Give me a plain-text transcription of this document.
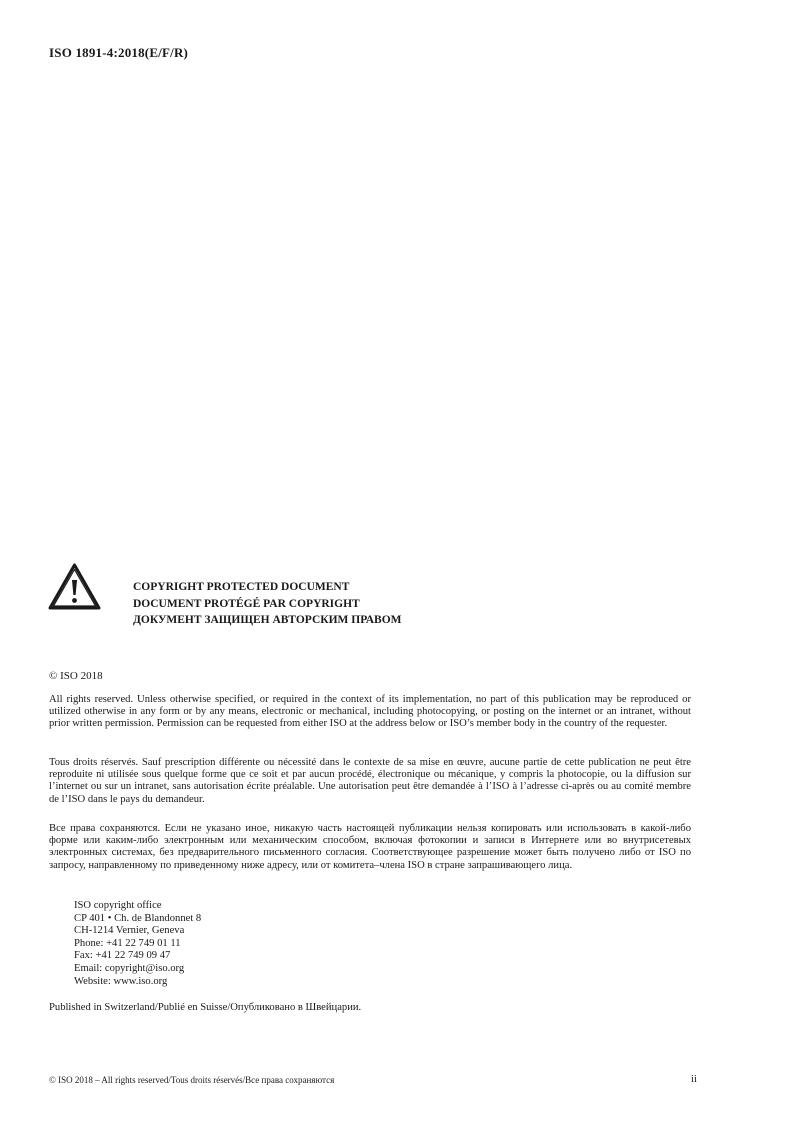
ISO 1891-4:2018(E/F/R)
COPYRIGHT PROTECTED DOCUMENT
DOCUMENT PROTÉGÉ PAR COPYRIGHT
ДОКУМЕНТ ЗАЩИЩЕН АВТОРСКИМ ПРАВОМ
© ISO 2018
All rights reserved. Unless otherwise specified, or required in the context of its implementation, no part of this publication may be reproduced or utilized otherwise in any form or by any means, electronic or mechanical, including photocopying, or posting on the internet or an intranet, without prior written permission. Permission can be requested from either ISO at the address below or ISO’s member body in the country of the requester.
Tous droits réservés. Sauf prescription différente ou nécessité dans le contexte de sa mise en œuvre, aucune partie de cette publication ne peut être reproduite ni utilisée sous quelque forme que ce soit et par aucun procédé, électronique ou mécanique, y compris la photocopie, ou la diffusion sur l’internet ou sur un intranet, sans autorisation écrite préalable. Une autorisation peut être demandée à l’ISO à l’adresse ci-après ou au comité membre de l’ISO dans le pays du demandeur.
Все права сохраняются. Если не указано иное, никакую часть настоящей публикации нельзя копировать или использовать в какой-либо форме или каким-либо электронным или механическим способом, включая фотокопии и записи в Интернете или во внутрисетевых электронных системах, без предварительного письменного согласия. Соответствующее разрешение может быть получено либо от ISO по запросу, направленному по приведенному ниже адресу, или от комитета–члена ISO в стране запрашивающего лица.
ISO copyright office
CP 401 • Ch. de Blandonnet 8
CH-1214 Vernier, Geneva
Phone: +41 22 749 01 11
Fax: +41 22 749 09 47
Email: copyright@iso.org
Website: www.iso.org
Published in Switzerland/Publié en Suisse/Опубликовано в Швейцарии.
© ISO 2018 – All rights reserved/Tous droits réservés/Все права сохраняются	ii
